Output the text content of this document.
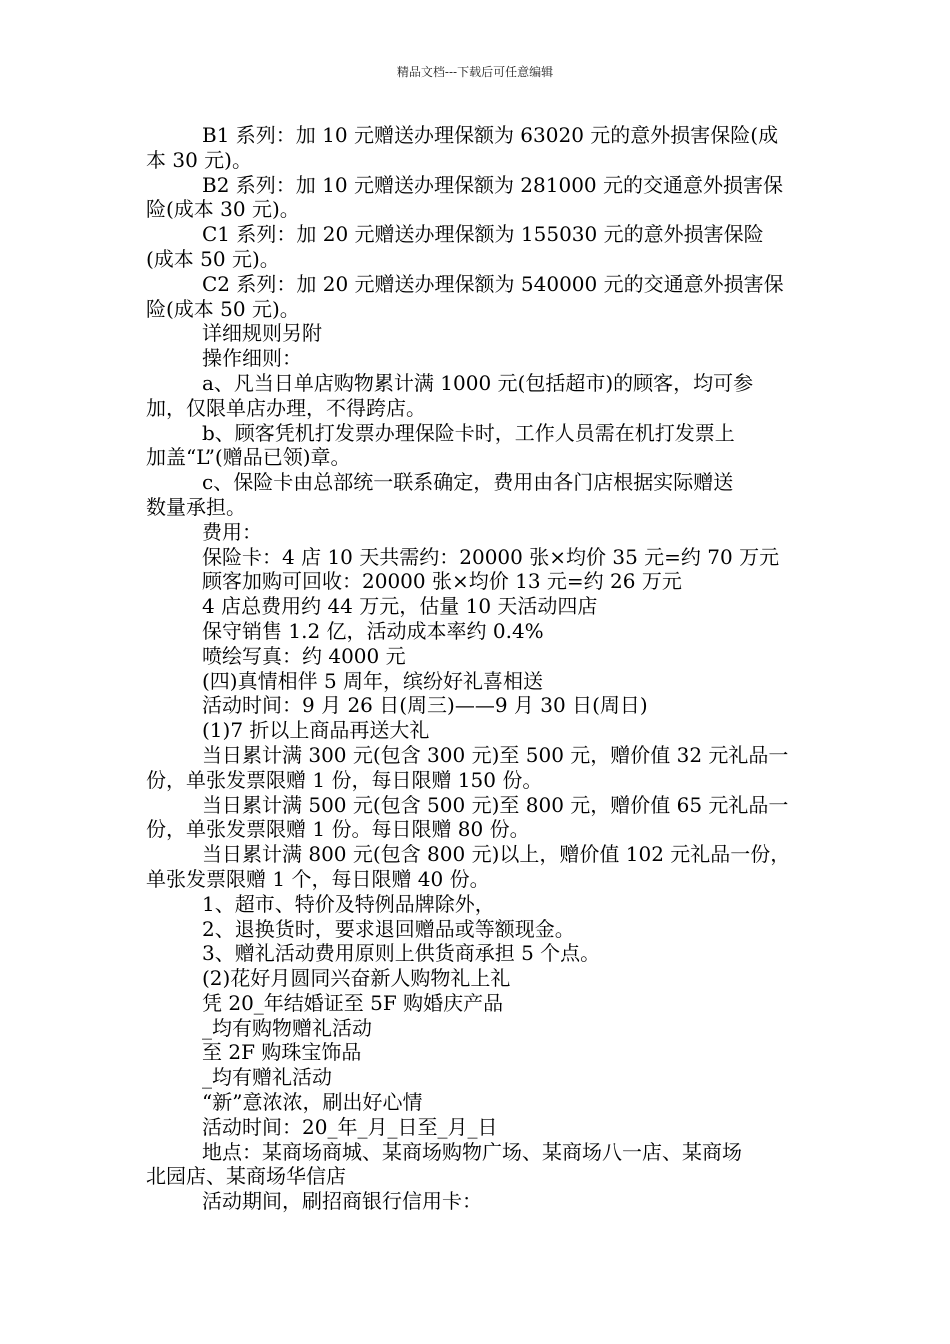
精品文档---下载后可任意编辑
B1 系列：加 10 元赠送办理保额为 63020 元的意外损害保险(成
本 30 元)。
B2 系列：加 10 元赠送办理保额为 281000 元的交通意外损害保
险(成本 30 元)。
C1 系列：加 20 元赠送办理保额为 155030 元的意外损害保险
(成本 50 元)。
C2 系列：加 20 元赠送办理保额为 540000 元的交通意外损害保
险(成本 50 元)。
详细规则另附
操作细则：
a、凡当日单店购物累计满 1000 元(包括超市)的顾客，均可参
加，仅限单店办理，不得跨店。
b、顾客凭机打发票办理保险卡时，工作人员需在机打发票上
加盖“L”(赠品已领)章。
c、保险卡由总部统一联系确定，费用由各门店根据实际赠送
数量承担。
费用：
保险卡：4 店 10 天共需约：20000 张×均价 35 元=约 70 万元
顾客加购可回收：20000 张×均价 13 元=约 26 万元
4 店总费用约 44 万元，估量 10 天活动四店
保守销售 1.2 亿，活动成本率约 0.4%
喷绘写真：约 4000 元
(四)真情相伴 5 周年，缤纷好礼喜相送
活动时间：9 月 26 日(周三)——9 月 30 日(周日)
(1)7 折以上商品再送大礼
当日累计满 300 元(包含 300 元)至 500 元，赠价值 32 元礼品一
份，单张发票限赠 1 份，每日限赠 150 份。
当日累计满 500 元(包含 500 元)至 800 元，赠价值 65 元礼品一
份，单张发票限赠 1 份。每日限赠 80 份。
当日累计满 800 元(包含 800 元)以上，赠价值 102 元礼品一份，
单张发票限赠 1 个，每日限赠 40 份。
1、超市、特价及特例品牌除外，
2、退换货时，要求退回赠品或等额现金。
3、赠礼活动费用原则上供货商承担 5 个点。
(2)花好月圆同兴奋新人购物礼上礼
凭 20_年结婚证至 5F 购婚庆产品
_均有购物赠礼活动
至 2F 购珠宝饰品
_均有赠礼活动
“新”意浓浓，刷出好心情
活动时间：20_年_月_日至_月_日
地点：某商场商城、某商场购物广场、某商场八一店、某商场
北园店、某商场华信店
活动期间，刷招商银行信用卡：
